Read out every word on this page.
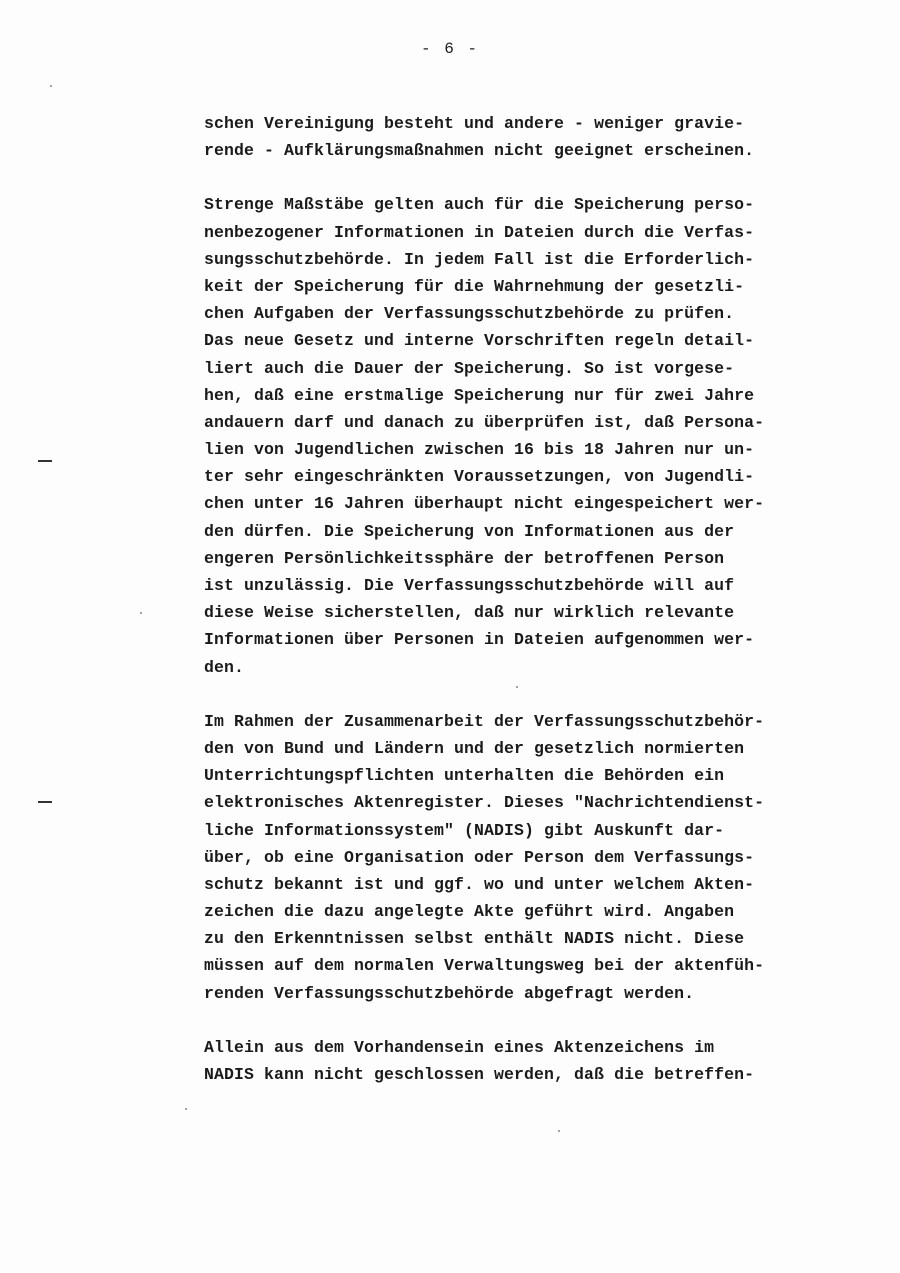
- 6 -
schen Vereinigung besteht und andere - weniger gravie-
rende - Aufklärungsmaßnahmen nicht geeignet erscheinen.
Strenge Maßstäbe gelten auch für die Speicherung perso-
nenbezogener Informationen in Dateien durch die Verfas-
sungsschutzbehörde. In jedem Fall ist die Erforderlich-
keit der Speicherung für die Wahrnehmung der gesetzli-
chen Aufgaben der Verfassungsschutzbehörde zu prüfen.
Das neue Gesetz und interne Vorschriften regeln detail-
liert auch die Dauer der Speicherung. So ist vorgese-
hen, daß eine erstmalige Speicherung nur für zwei Jahre
andauern darf und danach zu überprüfen ist, daß Persona-
lien von Jugendlichen zwischen 16 bis 18 Jahren nur un-
ter sehr eingeschränkten Voraussetzungen, von Jugendli-
chen unter 16 Jahren überhaupt nicht eingespeichert wer-
den dürfen. Die Speicherung von Informationen aus der
engeren Persönlichkeitssphäre der betroffenen Person
ist unzulässig. Die Verfassungsschutzbehörde will auf
diese Weise sicherstellen, daß nur wirklich relevante
Informationen über Personen in Dateien aufgenommen wer-
den.
Im Rahmen der Zusammenarbeit der Verfassungsschutzbehör-
den von Bund und Ländern und der gesetzlich normierten
Unterrichtungspflichten unterhalten die Behörden ein
elektronisches Aktenregister. Dieses "Nachrichtendienst-
liche Informationssystem" (NADIS) gibt Auskunft dar-
über, ob eine Organisation oder Person dem Verfassungs-
schutz bekannt ist und ggf. wo und unter welchem Akten-
zeichen die dazu angelegte Akte geführt wird. Angaben
zu den Erkenntnissen selbst enthält NADIS nicht. Diese
müssen auf dem normalen Verwaltungsweg bei der aktenfüh-
renden Verfassungsschutzbehörde abgefragt werden.
Allein aus dem Vorhandensein eines Aktenzeichens im
NADIS kann nicht geschlossen werden, daß die betreffen-
